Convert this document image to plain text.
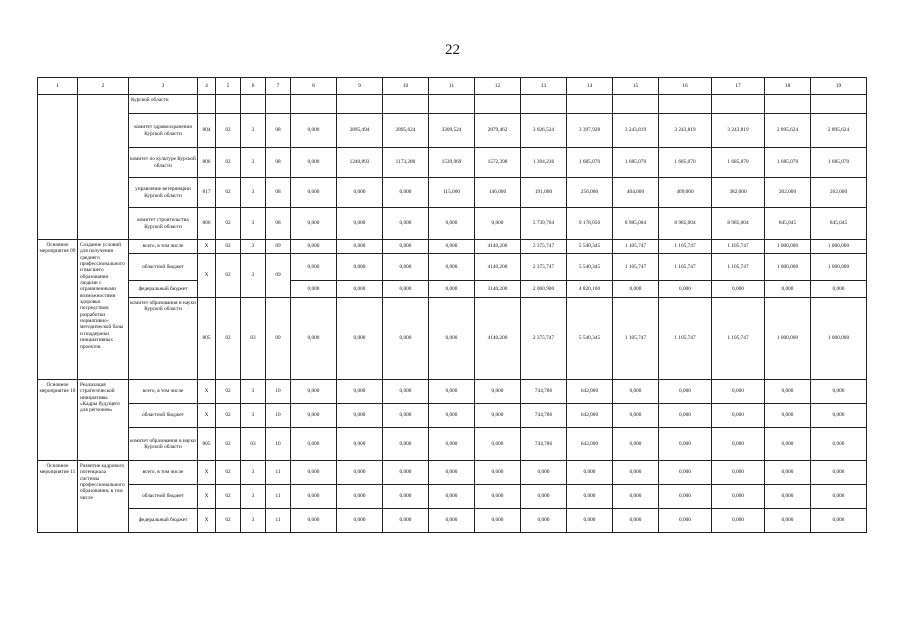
22
1	2	3	4	5	6	7	8	9	10	11	12	13	14	15	16	17	18	19
		Курской области																
		комитет здравоохранения Курской области	804	02	3	08	0,000	2895,494	2895,624	3309,524	2879,462	3 026,524	3 397,928	3 243,819	3 243,819	3 243,819	2 895,624	2 895,624
		комитет по культуре Курской области	806	02	3	08	0,000	1240,893	1173,280	1539,969	1572,398	1 394,236	1 685,070	1 685,070	1 685,070	1 685,070	1 685,070	1 685,070
		управление ветеринарии Курской области	817	02	3	08	0,000	0,000	0,000	115,000	146,000	191,000	256,000	404,000	409,000	382,000	262,000	262,000
		комитет строительства Курской области	806	02	3	08	0,000	0,000	0,000	0,000	0,000	5 739,704	9 178,056	8 985,004	8 985,004	8 985,004	845,045	845,045
Основное мероприятие 09	Создание условий для получения среднего профессионального и высшего образования людьми с ограниченными возможностями здоровья посредством разработки нормативно-методической базы и поддержки инициативных проектов	всего, в том числе	Х	02	3	09	0,000	0,000	0,000	0,000	4140,200	2 375,747	5 540,345	1 105,747	1 105,747	1 105,747	1 000,000	1 000,000
		областной бюджет	Х	02	3	09	0,000	0,000	0,000	0,000	4140,200	2 375,747	5 540,345	1 105,747	1 105,747	1 105,747	1 000,000	1 000,000
		федеральный бюджет					0,000	0,000	0,000	0,000	3140,200	2 060,900	4 820,100	0,000	0,000	0,000	0,000	0,000
		комитет образования и науки Курской области	805	02	03	09	0,000	0,000	0,000	0,000	4140,200	2 375,747	5 540,345	1 105,747	1 105,747	1 105,747	1 000,000	1 000,000
Основное мероприятие 10	Реализация стратегической инициативы «Кадры будущего для регионов»	всего, в том числе	Х	02	3	10	0,000	0,000	0,000	0,000	0,000	744,786	642,000	0,000	0,000	0,000	0,000	0,000
		областной бюджет	Х	02	3	10	0,000	0,000	0,000	0,000	0,000	744,786	642,000	0,000	0,000	0,000	0,000	0,000
		комитет образования и науки Курской области	805	02	03	10	0,000	0,000	0,000	0,000	0,000	744,786	642,000	0,000	0,000	0,000	0,000	0,000
Основное мероприятие 11	Развитие кадрового потенциала системы профессионального образования, в том числе	всего, в том числе	Х	02	3	11	0,000	0,000	0,000	0,000	0,000	0,000	0,000	0,000	0,000	0,000	0,000	0,000
		областной бюджет	Х	02	3	11	0,000	0,000	0,000	0,000	0,000	0,000	0,000	0,000	0,000	0,000	0,000	0,000
		федеральный бюджет	Х	02	3	11	0,000	0,000	0,000	0,000	0,000	0,000	0,000	0,000	0,000	0,000	0,000	0,000
